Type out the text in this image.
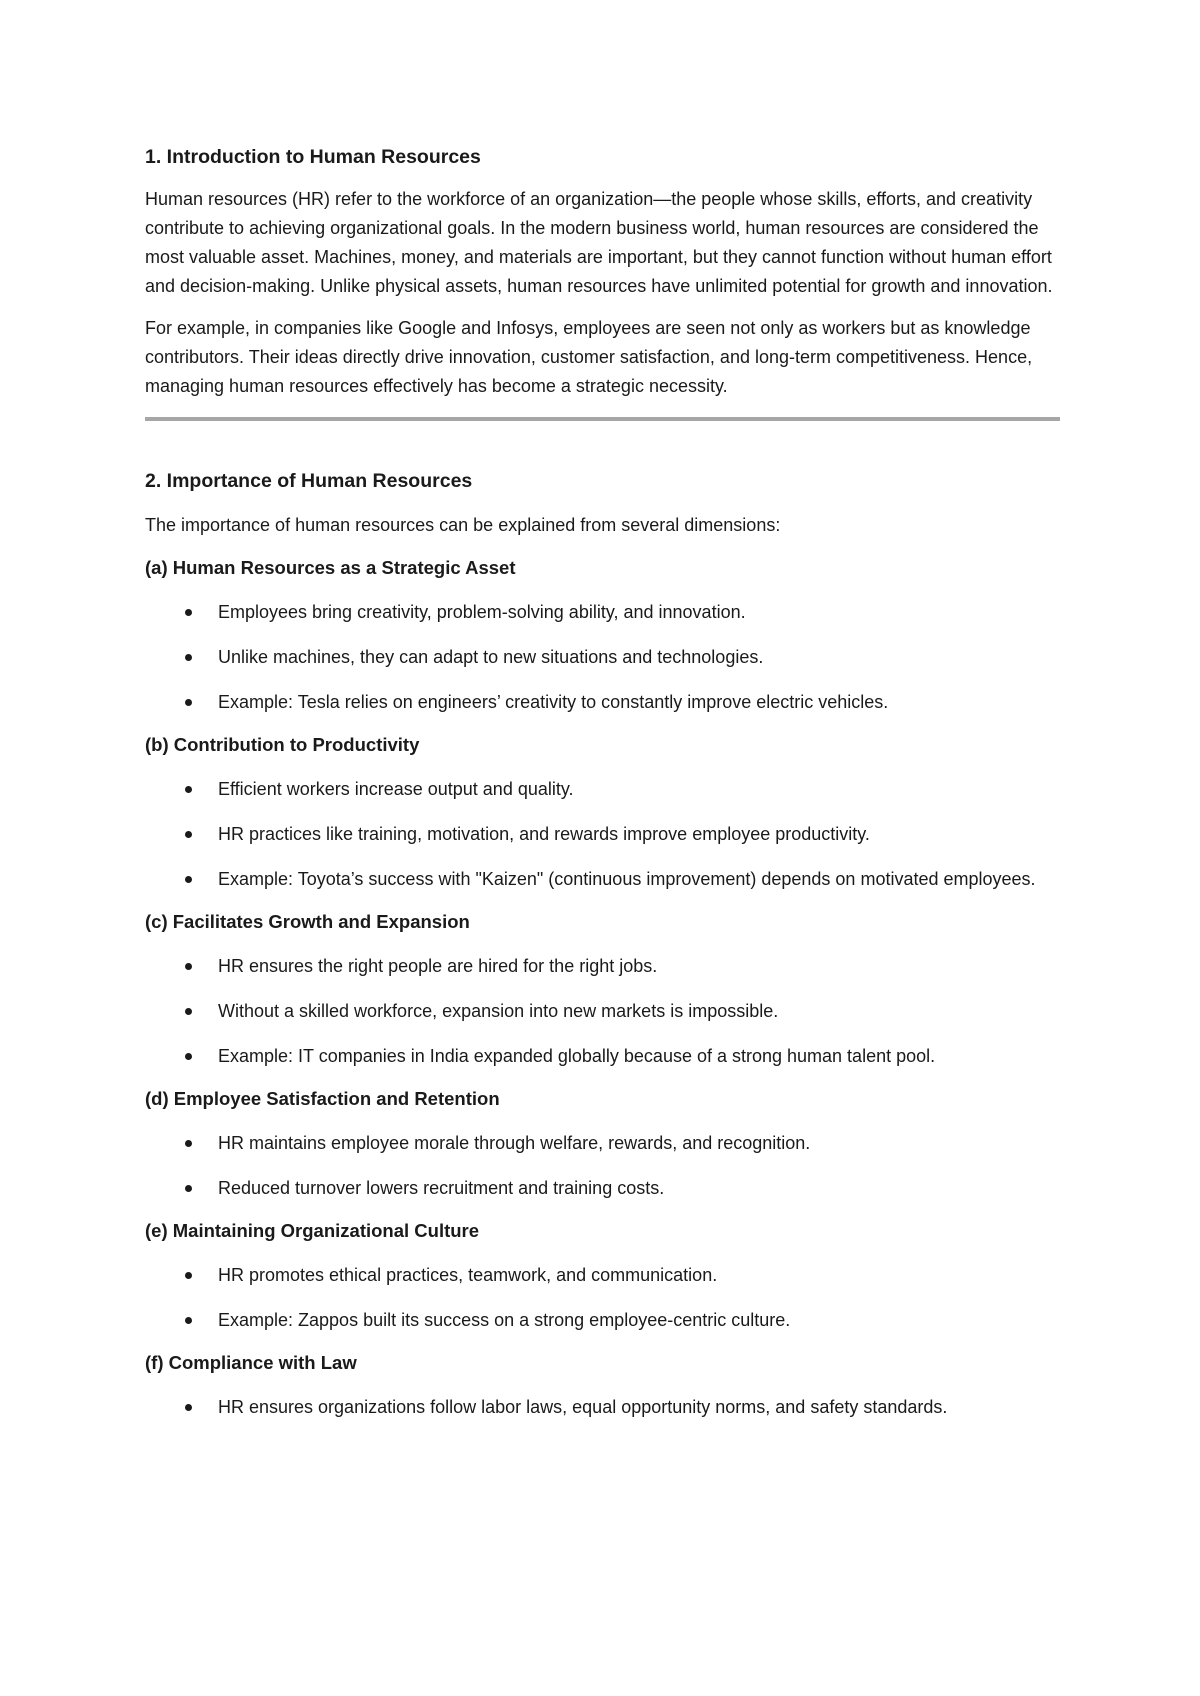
1. Introduction to Human Resources

Human resources (HR) refer to the workforce of an organization—the people whose skills, efforts, and creativity contribute to achieving organizational goals. In the modern business world, human resources are considered the most valuable asset. Machines, money, and materials are important, but they cannot function without human effort and decision-making. Unlike physical assets, human resources have unlimited potential for growth and innovation.

For example, in companies like Google and Infosys, employees are seen not only as workers but as knowledge contributors. Their ideas directly drive innovation, customer satisfaction, and long-term competitiveness. Hence, managing human resources effectively has become a strategic necessity.

2. Importance of Human Resources

The importance of human resources can be explained from several dimensions:

(a) Human Resources as a Strategic Asset
Employees bring creativity, problem-solving ability, and innovation.
Unlike machines, they can adapt to new situations and technologies.
Example: Tesla relies on engineers’ creativity to constantly improve electric vehicles.
(b) Contribution to Productivity
Efficient workers increase output and quality.
HR practices like training, motivation, and rewards improve employee productivity.
Example: Toyota’s success with "Kaizen" (continuous improvement) depends on motivated employees.
(c) Facilitates Growth and Expansion
HR ensures the right people are hired for the right jobs.
Without a skilled workforce, expansion into new markets is impossible.
Example: IT companies in India expanded globally because of a strong human talent pool.
(d) Employee Satisfaction and Retention
HR maintains employee morale through welfare, rewards, and recognition.
Reduced turnover lowers recruitment and training costs.
(e) Maintaining Organizational Culture
HR promotes ethical practices, teamwork, and communication.
Example: Zappos built its success on a strong employee-centric culture.
(f) Compliance with Law
HR ensures organizations follow labor laws, equal opportunity norms, and safety standards.
